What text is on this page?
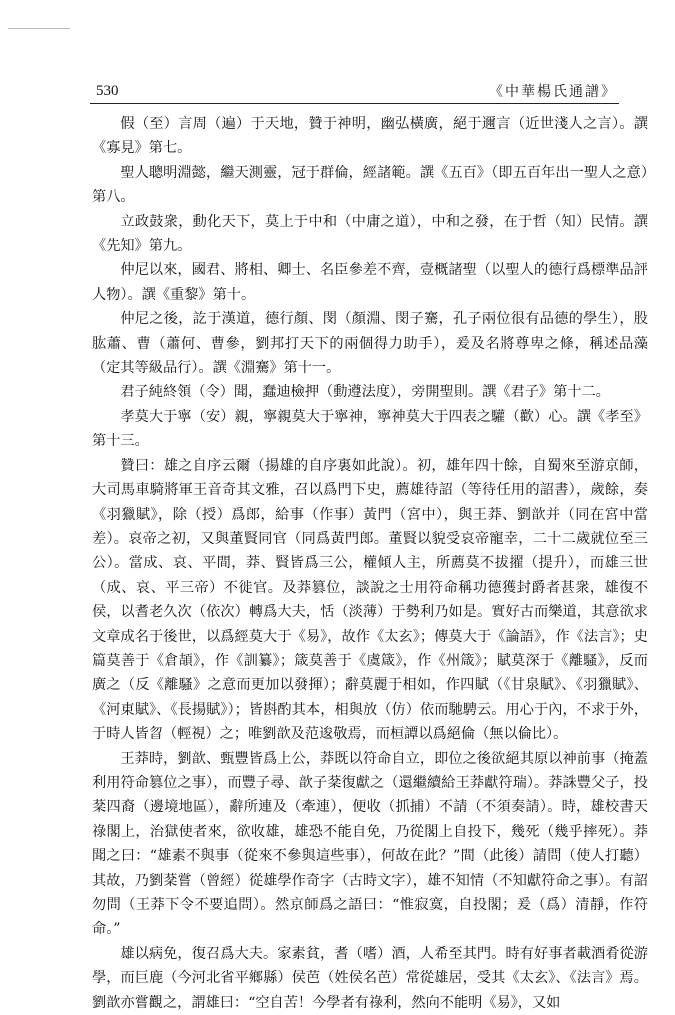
530	《中華楊氏通譜》

假（至）言周（遍）于天地，贊于神明，幽弘橫廣，絕于邇言（近世淺人之言）。譔《寡見》第七。

聖人聰明淵懿，繼天測靈，冠于群倫，經諸範。譔《五百》（即五百年出一聖人之意）第八。

立政鼓衆，動化天下，莫上于中和（中庸之道），中和之發，在于哲（知）民情。譔《先知》第九。

仲尼以來，國君、將相、卿士、名臣參差不齊，壹概諸聖（以聖人的德行爲標準品評人物）。譔《重黎》第十。

仲尼之後，訖于漢道，德行顏、閔（顏淵、閔子騫，孔子兩位很有品德的學生），股肱蕭、曹（蕭何、曹參，劉邦打天下的兩個得力助手），爰及名將尊卑之條，稱述品藻（定其等級品行）。譔《淵騫》第十一。

君子純終領（令）聞，蠢迪檢押（動遵法度），旁開聖則。譔《君子》第十二。

孝莫大于寧（安）親，寧親莫大于寧神，寧神莫大于四表之驩（歡）心。譔《孝至》第十三。

贊曰：雄之自序云爾（揚雄的自序裏如此說）。初，雄年四十餘，自蜀來至游京師，大司馬車騎將軍王音奇其文雅，召以爲門下史，薦雄待詔（等待任用的詔書），歲餘，奏《羽獵賦》，除（授）爲郎，給事（作事）黃門（宮中），與王莽、劉歆并（同在宮中當差）。哀帝之初，又與董賢同官（同爲黃門郎。董賢以貌受哀帝寵幸，二十二歲就位至三公）。當成、哀、平間，莽、賢皆爲三公，權傾人主，所薦莫不拔擢（提升），而雄三世（成、哀、平三帝）不徙官。及莽篡位，談說之士用符命稱功德獲封爵者甚衆，雄復不侯，以耆老久次（依次）轉爲大夫，恬（淡薄）于勢利乃如是。實好古而樂道，其意欲求文章成名于後世，以爲經莫大于《易》，故作《太玄》；傳莫大于《論語》，作《法言》；史篇莫善于《倉頡》，作《訓纂》；箴莫善于《虞箴》，作《州箴》；賦莫深于《離騷》，反而廣之（反《離騷》之意而更加以發揮）；辭莫麗于相如，作四賦（《甘泉賦》、《羽獵賦》、《河東賦》、《長揚賦》）；皆斟酌其本，相與放（仿）依而馳騁云。用心于內，不求于外，于時人皆曶（輕視）之；唯劉歆及范逡敬焉，而桓譚以爲絕倫（無以倫比）。

王莽時，劉歆、甄豐皆爲上公，莽既以符命自立，即位之後欲絕其原以神前事（掩蓋利用符命篡位之事），而豐子尋、歆子棻復獻之（還繼續給王莽獻符瑞）。莽誅豐父子，投棻四裔（邊境地區），辭所連及（牽連），便收（抓捕）不請（不須奏請）。時，雄校書天祿閣上，治獄使者來，欲收雄，雄恐不能自免，乃從閣上自投下，幾死（幾乎摔死）。莽聞之曰：“雄素不與事（從來不參與這些事），何故在此？”間（此後）請問（使人打聽）其故，乃劉棻嘗（曾經）從雄學作奇字（古時文字），雄不知情（不知獻符命之事）。有詔勿問（王莽下令不要追問）。然京師爲之語曰：“惟寂寞，自投閣；爰（爲）清靜，作符命。”

雄以病免，復召爲大夫。家素貧，耆（嗜）酒，人希至其門。時有好事者載酒肴從游學，而巨鹿（今河北省平鄉縣）侯芭（姓侯名芭）常從雄居，受其《太玄》、《法言》焉。劉歆亦嘗觀之，謂雄曰：“空自苦！今學者有祿利，然向不能明《易》，又如
